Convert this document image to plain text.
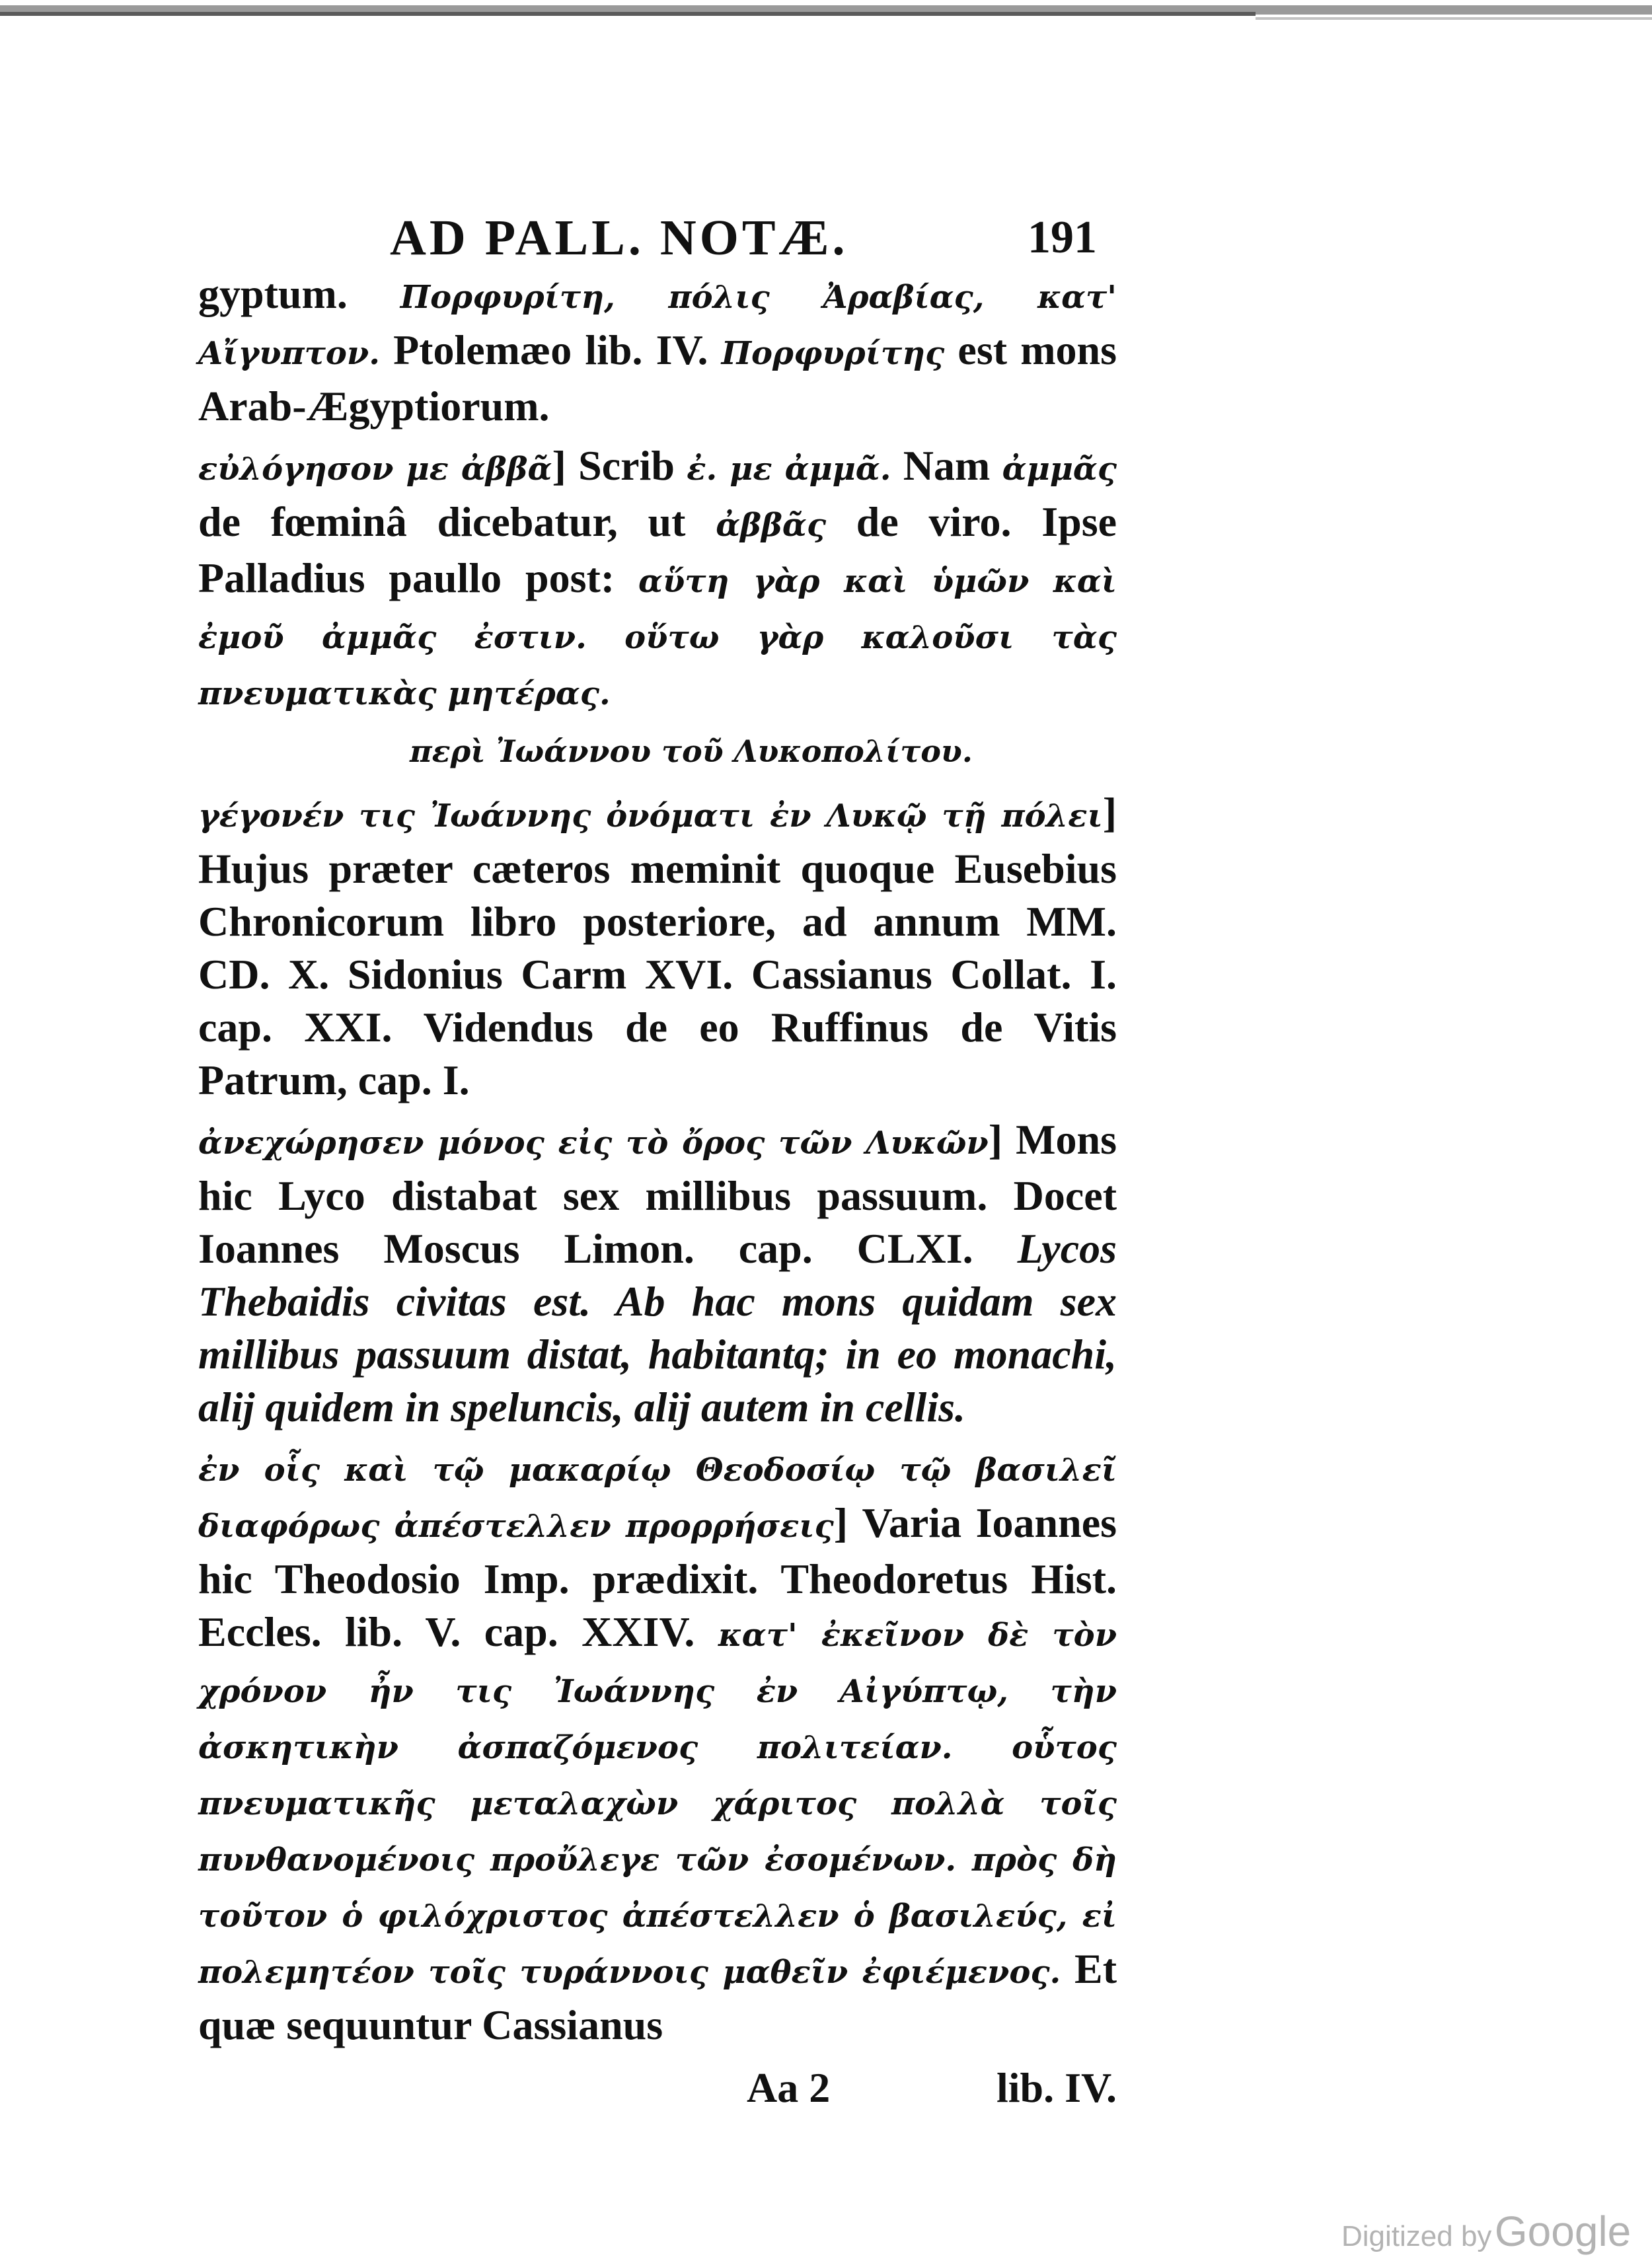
AD PALL. NOTÆ.	191

gyptum. Πορφυρίτη, πόλις Ἀραβίας, κατ' Αἴγυπτον. Ptolemæo lib. IV. Πορφυρίτης est mons Arab-Ægyptiorum.

εὐλόγησον με ἀββᾶ] Scrib ἐ. με ἀμμᾶ. Nam ἀμμᾶς de fœminâ dicebatur, ut ἀββᾶς de viro. Ipse Palladius paullo post: αὕτη γὰρ καὶ ὑμῶν καὶ ἐμοῦ ἀμμᾶς ἐστιν. οὕτω γὰρ καλοῦσι τὰς πνευματικὰς μητέρας.

περὶ Ἰωάννου τοῦ Λυκοπολίτου.

γέγονέν τις Ἰωάννης ὀνόματι ἐν Λυκῷ τῇ πόλει] Hujus præter cæteros meminit quoque Eusebius Chronicorum libro posteriore, ad annum MM. CD. X. Sidonius Carm XVI. Cassianus Collat. I. cap. XXI. Videndus de eo Ruffinus de Vitis Patrum, cap. I.

ἀνεχώρησεν μόνος εἰς τὸ ὄρος τῶν Λυκῶν] Mons hic Lyco distabat sex millibus passuum. Docet Ioannes Moscus Limon. cap. CLXI. Lycos Thebaidis civitas est. Ab hac mons quidam sex millibus passuum distat, habitantq; in eo monachi, alij quidem in speluncis, alij autem in cellis.

ἐν οἷς καὶ τῷ μακαρίῳ Θεοδοσίῳ τῷ βασιλεῖ διαφόρως ἀπέστελλεν προρρήσεις] Varia Ioannes hic Theodosio Imp. prædixit. Theodoretus Hist. Eccles. lib. V. cap. XXIV. κατ' ἐκεῖνον δὲ τὸν χρόνον ἦν τις Ἰωάννης ἐν Αἰγύπτῳ, τὴν ἀσκητικὴν ἀσπαζόμενος πολιτείαν. οὗτος πνευματικῆς μεταλαχὼν χάριτος πολλὰ τοῖς πυνθανομένοις προὔλεγε τῶν ἐσομένων. πρὸς δὴ τοῦτον ὁ φιλόχριστος ἀπέστελλεν ὁ βασιλεύς, εἰ πολεμητέον τοῖς τυράννοις μαθεῖν ἐφιέμενος. Et quæ sequuntur Cassianus

Aa 2	lib. IV.
Digitized by Google
